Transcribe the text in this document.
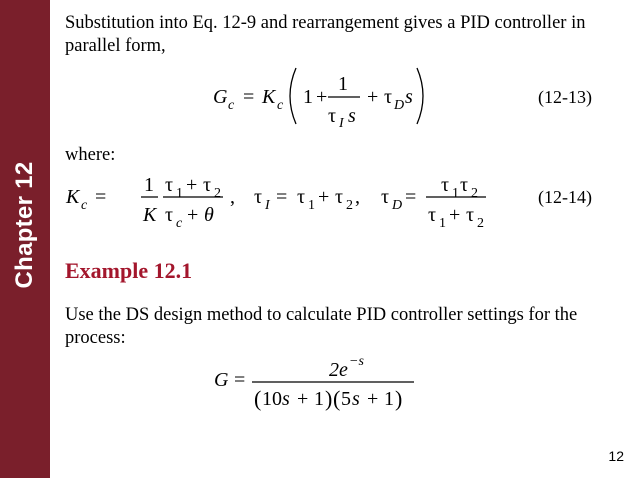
Chapter 12

Substitution into Eq. 12-9 and rearrangement gives a PID controller in parallel form,

G c = K c 1 +
1
τ I s
+ τ D s	(12-13)

where:

K c =
1
K
τ 1 + τ 2
τ c + θ
, τ I = τ 1 + τ 2 , τ D =
τ 1 τ 2
τ 1 + τ 2
(12-14)
Example 12.1

Use the DS design method to calculate PID controller settings for the process:

G =	2e −s
( 10 s + 1 ) ( 5 s + 1 )
12
